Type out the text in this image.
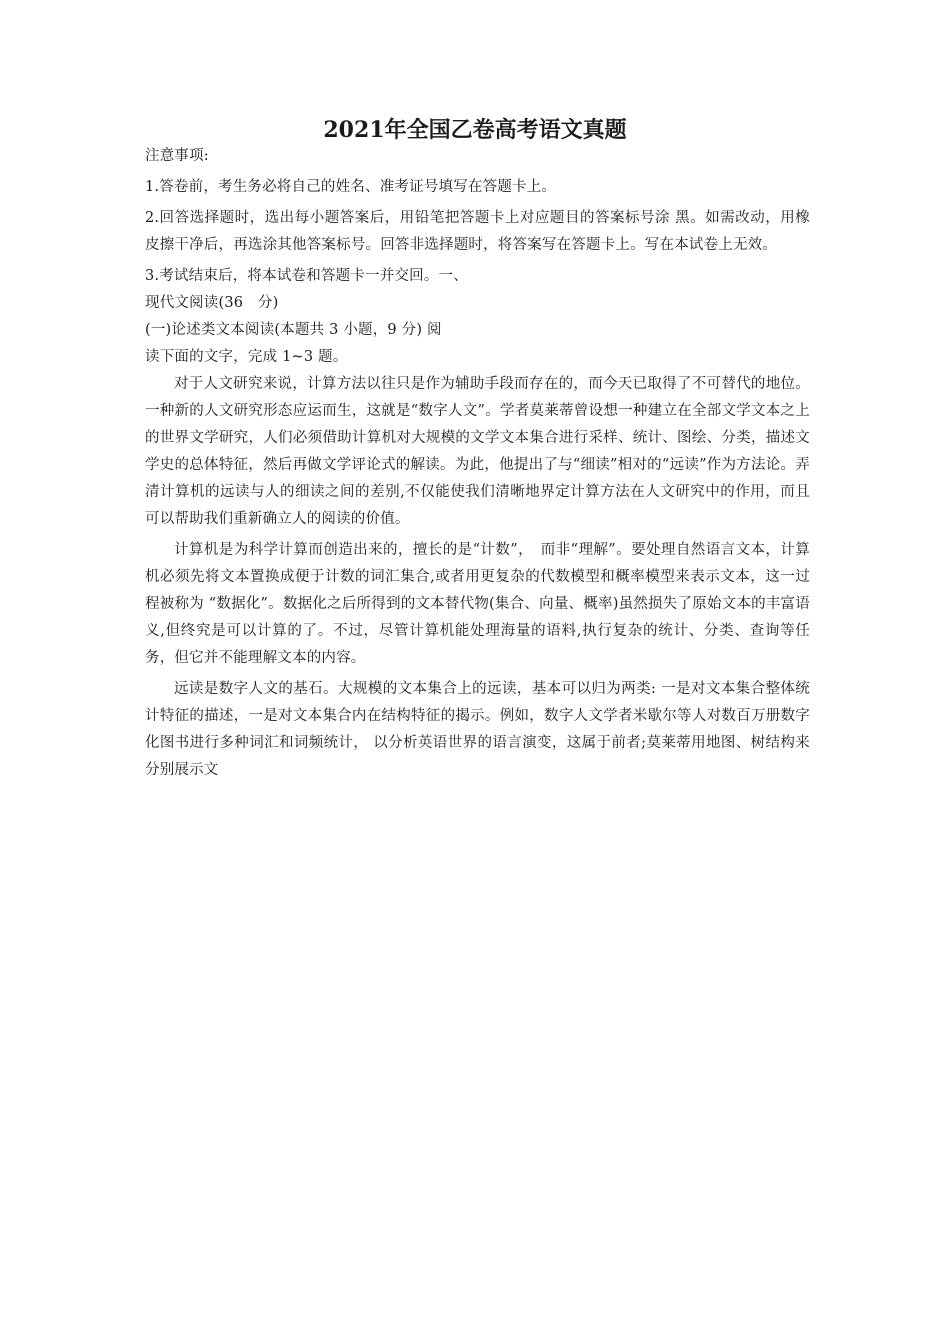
2021年全国乙卷高考语文真题

注意事项:

1.答卷前，考生务必将自己的姓名、准考证号填写在答题卡上。

2.回答选择题时，选出每小题答案后，用铅笔把答题卡上对应题目的答案标号涂 黑。如需改动，用橡皮擦干净后，再选涂其他答案标号。回答非选择题时，将答案写在答题卡上。写在本试卷上无效。

3.考试结束后，将本试卷和答题卡一并交回。一、

现代文阅读(36　分)

(一)论述类文本阅读(本题共 3 小题，9 分) 阅

读下面的文字，完成 1~3 题。

对于人文研究来说，计算方法以往只是作为辅助手段而存在的，而今天已取得了不可替代的地位。一种新的人文研究形态应运而生，这就是“数字人文”。学者莫莱蒂曾设想一种建立在全部文学文本之上的世界文学研究，人们必须借助计算机对大规模的文学文本集合进行采样、统计、图绘、分类，描述文学史的总体特征，然后再做文学评论式的解读。为此，他提出了与“细读”相对的“远读”作为方法论。弄清计算机的远读与人的细读之间的差别,不仅能使我们清晰地界定计算方法在人文研究中的作用，而且可以帮助我们重新确立人的阅读的价值。

计算机是为科学计算而创造出来的，擅长的是“计数”，　而非“理解”。要处理自然语言文本，计算机必须先将文本置换成便于计数的词汇集合,或者用更复杂的代数模型和概率模型来表示文本，这一过程被称为 “数据化”。数据化之后所得到的文本替代物(集合、向量、概率)虽然损失了原始文本的丰富语义,但终究是可以计算的了。不过，尽管计算机能处理海量的语料,执行复杂的统计、分类、查询等任务，但它并不能理解文本的内容。

远读是数字人文的基石。大规模的文本集合上的远读，基本可以归为两类: 一是对文本集合整体统计特征的描述，一是对文本集合内在结构特征的揭示。例如，数字人文学者米歇尔等人对数百万册数字化图书进行多种词汇和词频统计， 以分析英语世界的语言演变，这属于前者;莫莱蒂用地图、树结构来分别展示文
